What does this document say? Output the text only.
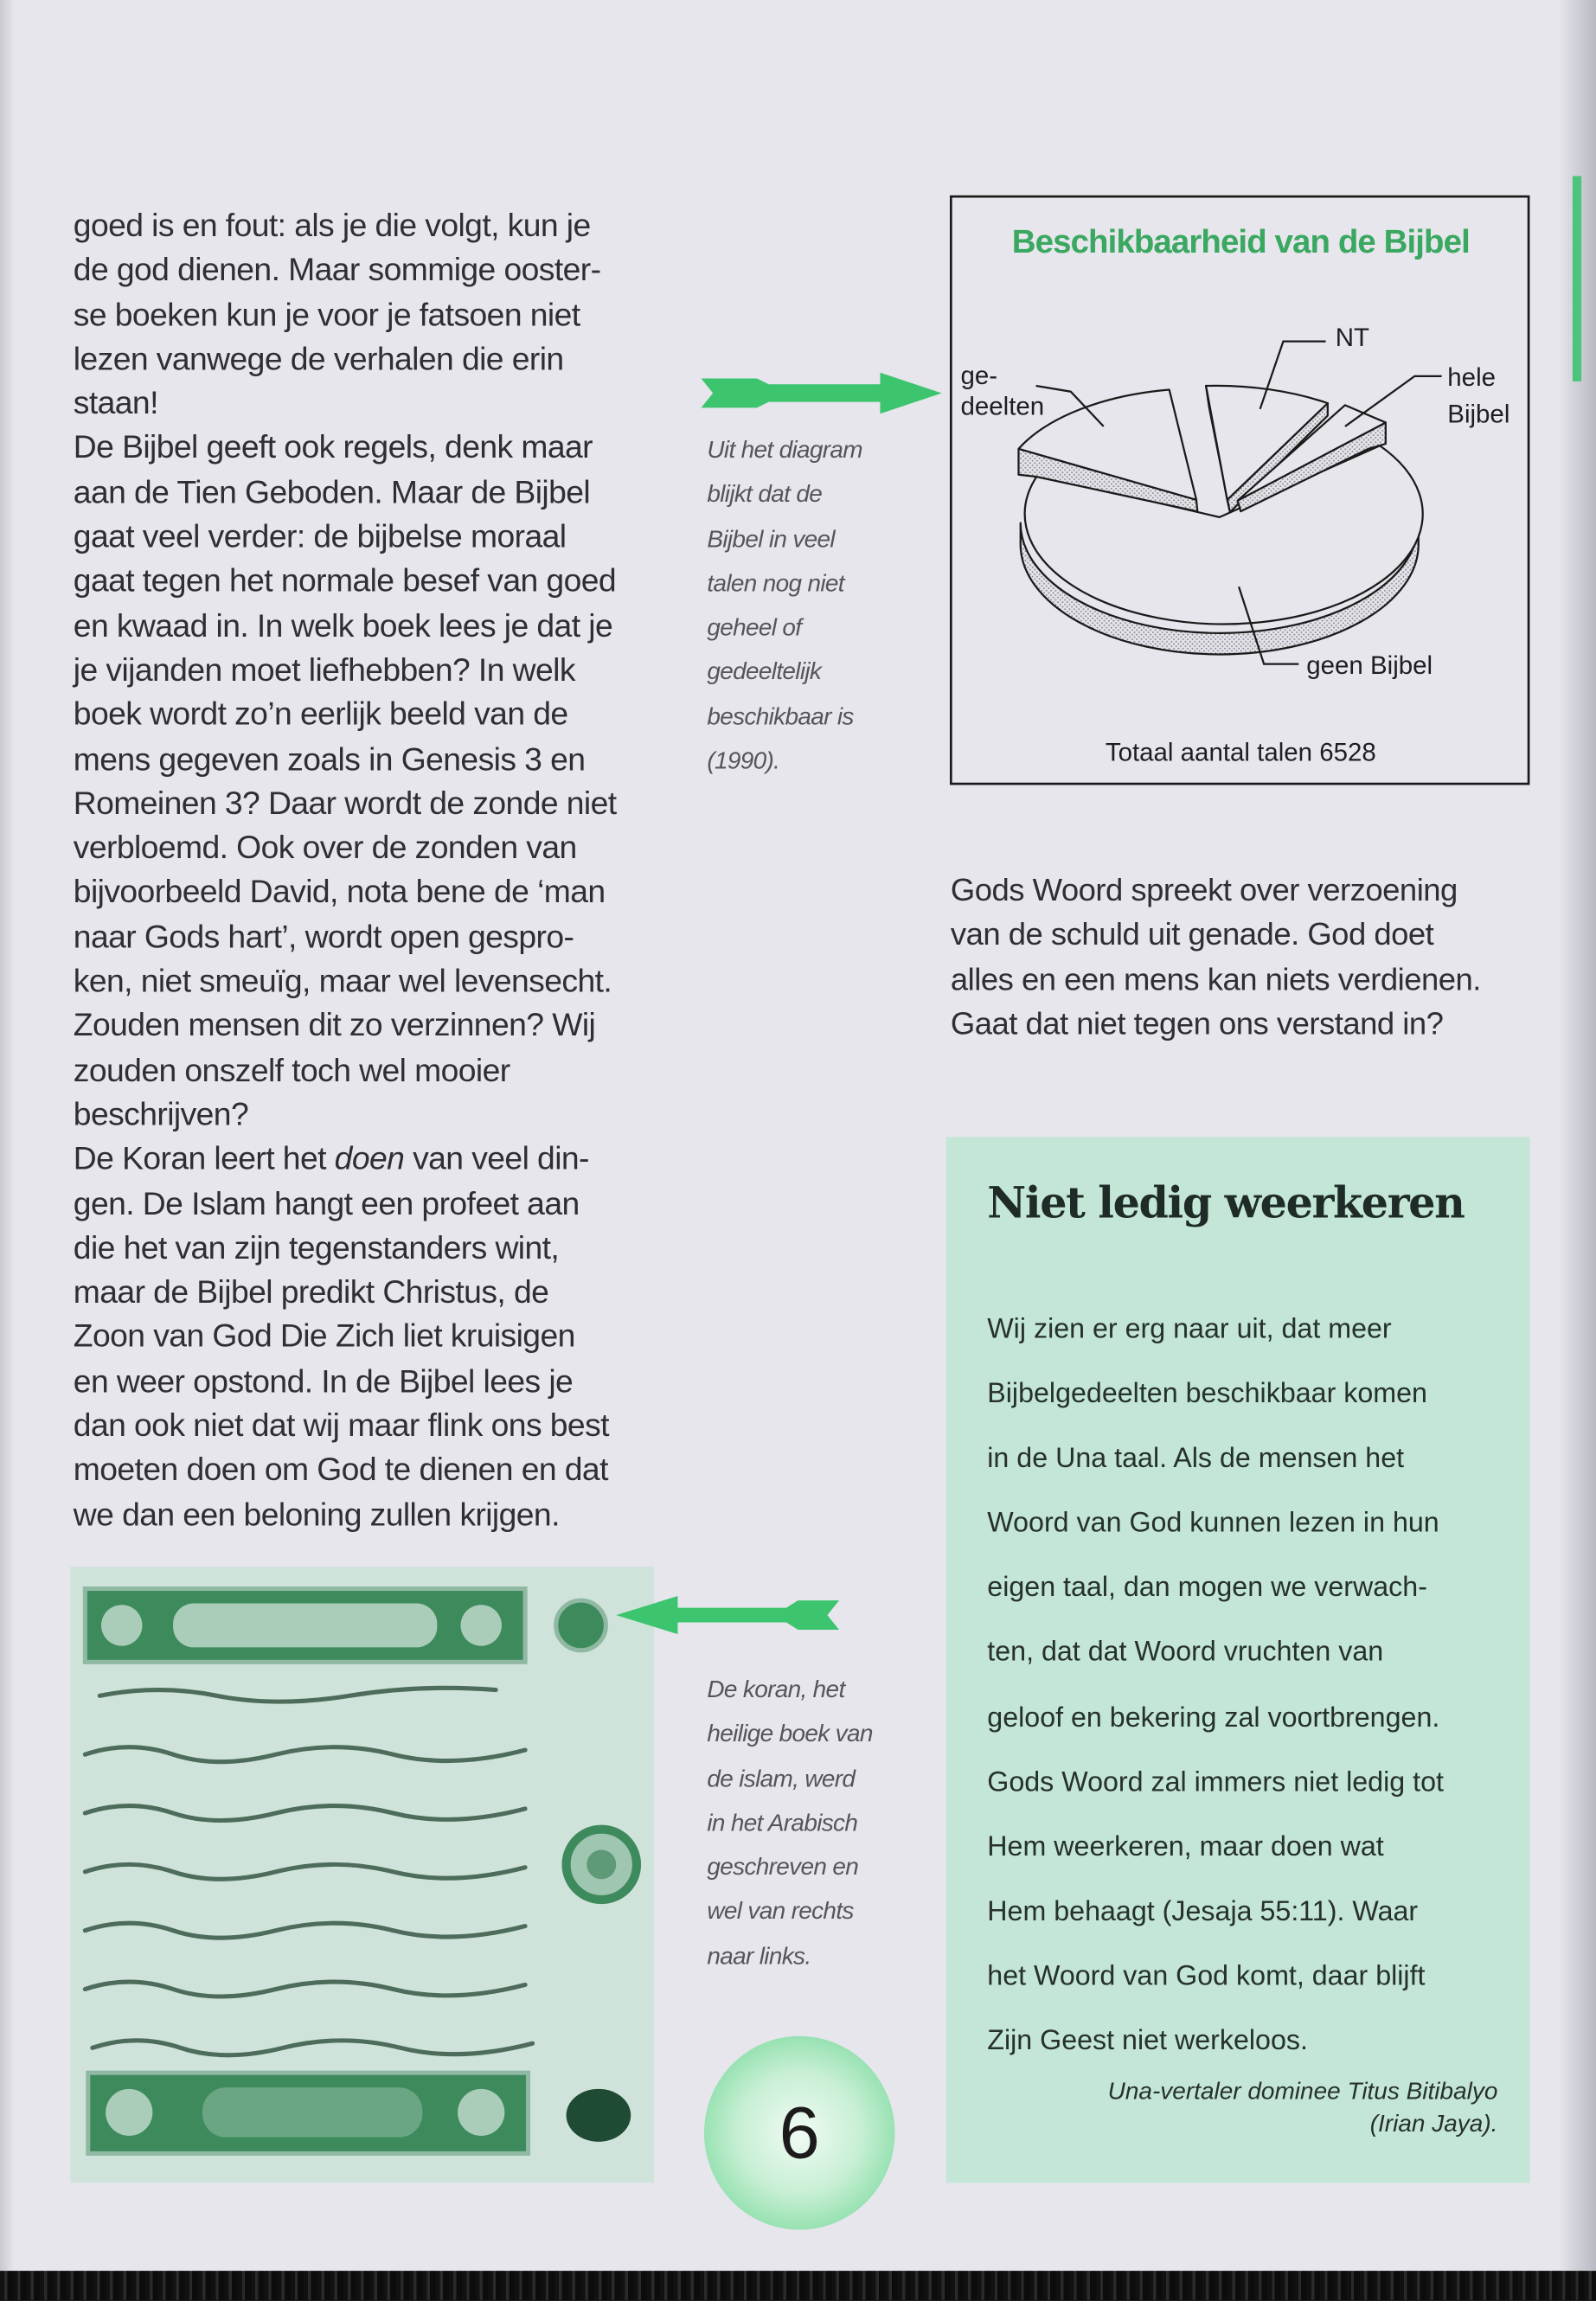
goed is en fout: als je die volgt, kun je
de god dienen. Maar sommige ooster-
se boeken kun je voor je fatsoen niet
lezen vanwege de verhalen die erin
staan!
De Bijbel geeft ook regels, denk maar
aan de Tien Geboden. Maar de Bijbel
gaat veel verder: de bijbelse moraal
gaat tegen het normale besef van goed
en kwaad in. In welk boek lees je dat je
je vijanden moet liefhebben? In welk
boek wordt zo’n eerlijk beeld van de
mens gegeven zoals in Genesis 3 en
Romeinen 3? Daar wordt de zonde niet
verbloemd. Ook over de zonden van
bijvoorbeeld David, nota bene de ‘man
naar Gods hart’, wordt open gespro-
ken, niet smeuïg, maar wel levensecht.
Zouden mensen dit zo verzinnen? Wij
zouden onszelf toch wel mooier
beschrijven?
De Koran leert het doen van veel din-
gen. De Islam hangt een profeet aan
die het van zijn tegenstanders wint,
maar de Bijbel predikt Christus, de
Zoon van God Die Zich liet kruisigen
en weer opstond. In de Bijbel lees je
dan ook niet dat wij maar flink ons best
moeten doen om God te dienen en dat
we dan een beloning zullen krijgen.
Uit het diagram
blijkt dat de
Bijbel in veel
talen nog niet
geheel of
gedeeltelijk
beschikbaar is
(1990).
Beschikbaarheid van de Bijbel
ge-
deelten
NT
hele
Bijbel
geen Bijbel
Totaal aantal talen 6528
Gods Woord spreekt over verzoening
van de schuld uit genade. God doet
alles en een mens kan niets verdienen.
Gaat dat niet tegen ons verstand in?
Niet ledig weerkeren
Wij zien er erg naar uit, dat meer
Bijbelgedeelten beschikbaar komen
in de Una taal. Als de mensen het
Woord van God kunnen lezen in hun
eigen taal, dan mogen we verwach-
ten, dat dat Woord vruchten van
geloof en bekering zal voortbrengen.
Gods Woord zal immers niet ledig tot
Hem weerkeren, maar doen wat
Hem behaagt (Jesaja 55:11). Waar
het Woord van God komt, daar blijft
Zijn Geest niet werkeloos.
Una-vertaler dominee Titus Bitibalyo
(Irian Jaya).
De koran, het
heilige boek van
de islam, werd
in het Arabisch
geschreven en
wel van rechts
naar links.
6
